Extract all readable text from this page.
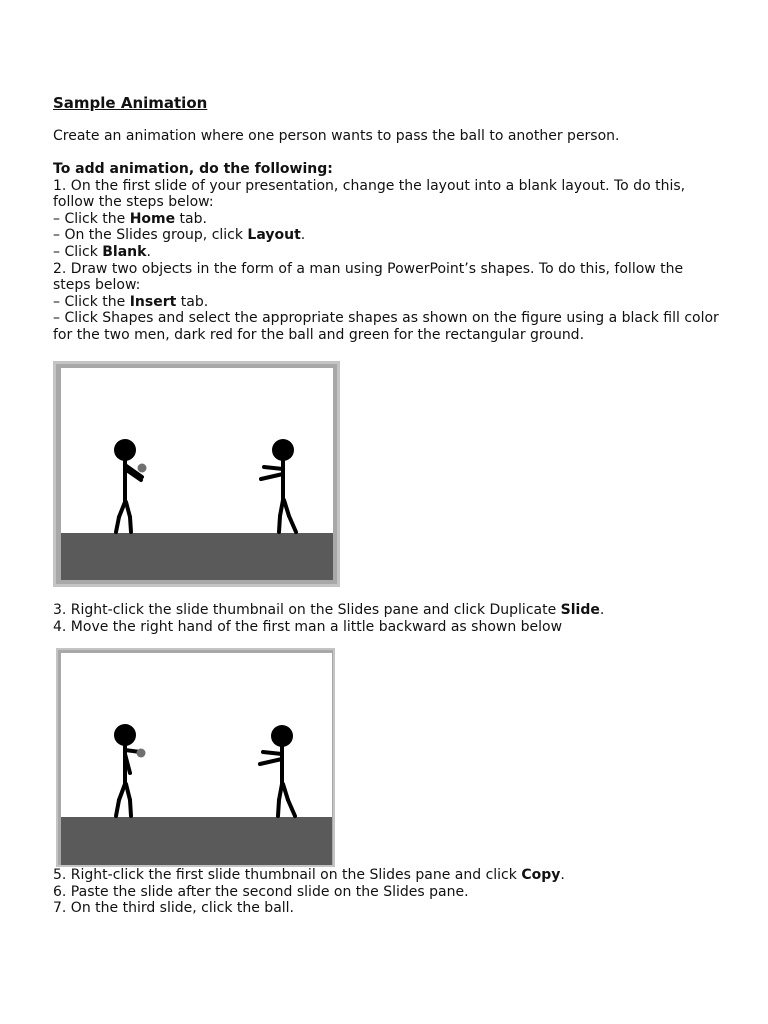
Sample Animation

Create an animation where one person wants to pass the ball to another person.

To add animation, do the following:

1. On the first slide of your presentation, change the layout into a blank layout. To do this, follow the steps below:

– Click the Home tab.

– On the Slides group, click Layout.

– Click Blank.

2. Draw two objects in the form of a man using PowerPoint’s shapes. To do this, follow the steps below:

– Click the Insert tab.

– Click Shapes and select the appropriate shapes as shown on the figure using a black fill color for the two men, dark red for the ball and green for the rectangular ground.

3. Right-click the slide thumbnail on the Slides pane and click Duplicate Slide.

4. Move the right hand of the first man a little backward as shown below

5. Right-click the first slide thumbnail on the Slides pane and click Copy.

6. Paste the slide after the second slide on the Slides pane.

7. On the third slide, click the ball.
